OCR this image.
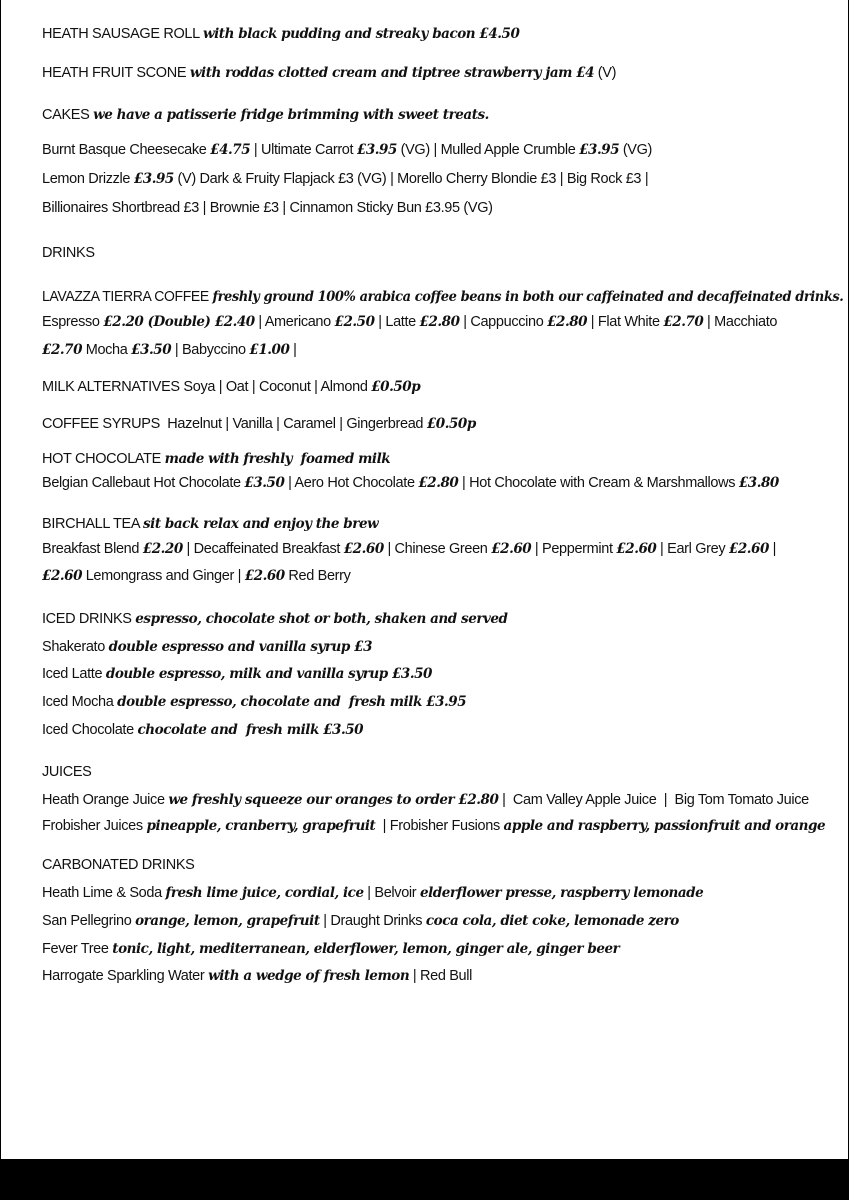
HEATH SAUSAGE ROLL with black pudding and streaky bacon £4.50
HEATH FRUIT SCONE with roddas clotted cream and tiptree strawberry jam £4 (V)
CAKES we have a patisserie fridge brimming with sweet treats.
Burnt Basque Cheesecake £4.75 | Ultimate Carrot £3.95 (VG) | Mulled Apple Crumble £3.95 (VG)
Lemon Drizzle £3.95 (V) Dark & Fruity Flapjack £3 (VG) | Morello Cherry Blondie £3 | Big Rock £3 |
Billionaires Shortbread £3 | Brownie £3 | Cinnamon Sticky Bun £3.95 (VG)
DRINKS
LAVAZZA TIERRA COFFEE freshly ground 100% arabica coffee beans in both our caffeinated and decaffeinated drinks.
Espresso £2.20 (Double) £2.40 | Americano £2.50 | Latte £2.80 | Cappuccino £2.80 | Flat White £2.70 | Macchiato
£2.70 Mocha £3.50 | Babyccino £1.00 |
MILK ALTERNATIVES Soya | Oat | Coconut | Almond £0.50p
COFFEE SYRUPS  Hazelnut | Vanilla | Caramel | Gingerbread £0.50p
HOT CHOCOLATE made with freshly  foamed milk
Belgian Callebaut Hot Chocolate £3.50 | Aero Hot Chocolate £2.80 | Hot Chocolate with Cream & Marshmallows £3.80
BIRCHALL TEA sit back relax and enjoy the brew
Breakfast Blend £2.20 | Decaffeinated Breakfast £2.60 | Chinese Green £2.60 | Peppermint £2.60 | Earl Grey £2.60 |
£2.60 Lemongrass and Ginger | £2.60 Red Berry
ICED DRINKS espresso, chocolate shot or both, shaken and served
Shakerato double espresso and vanilla syrup £3
Iced Latte double espresso, milk and vanilla syrup £3.50
Iced Mocha double espresso, chocolate and  fresh milk £3.95
Iced Chocolate chocolate and  fresh milk £3.50
JUICES
Heath Orange Juice we freshly squeeze our oranges to order £2.80 |  Cam Valley Apple Juice  |  Big Tom Tomato Juice
Frobisher Juices pineapple, cranberry, grapefruit  | Frobisher Fusions apple and raspberry, passionfruit and orange
CARBONATED DRINKS
Heath Lime & Soda fresh lime juice, cordial, ice | Belvoir elderflower presse, raspberry lemonade
San Pellegrino orange, lemon, grapefruit | Draught Drinks coca cola, diet coke, lemonade zero
Fever Tree tonic, light, mediterranean, elderflower, lemon, ginger ale, ginger beer
Harrogate Sparkling Water with a wedge of fresh lemon | Red Bull
